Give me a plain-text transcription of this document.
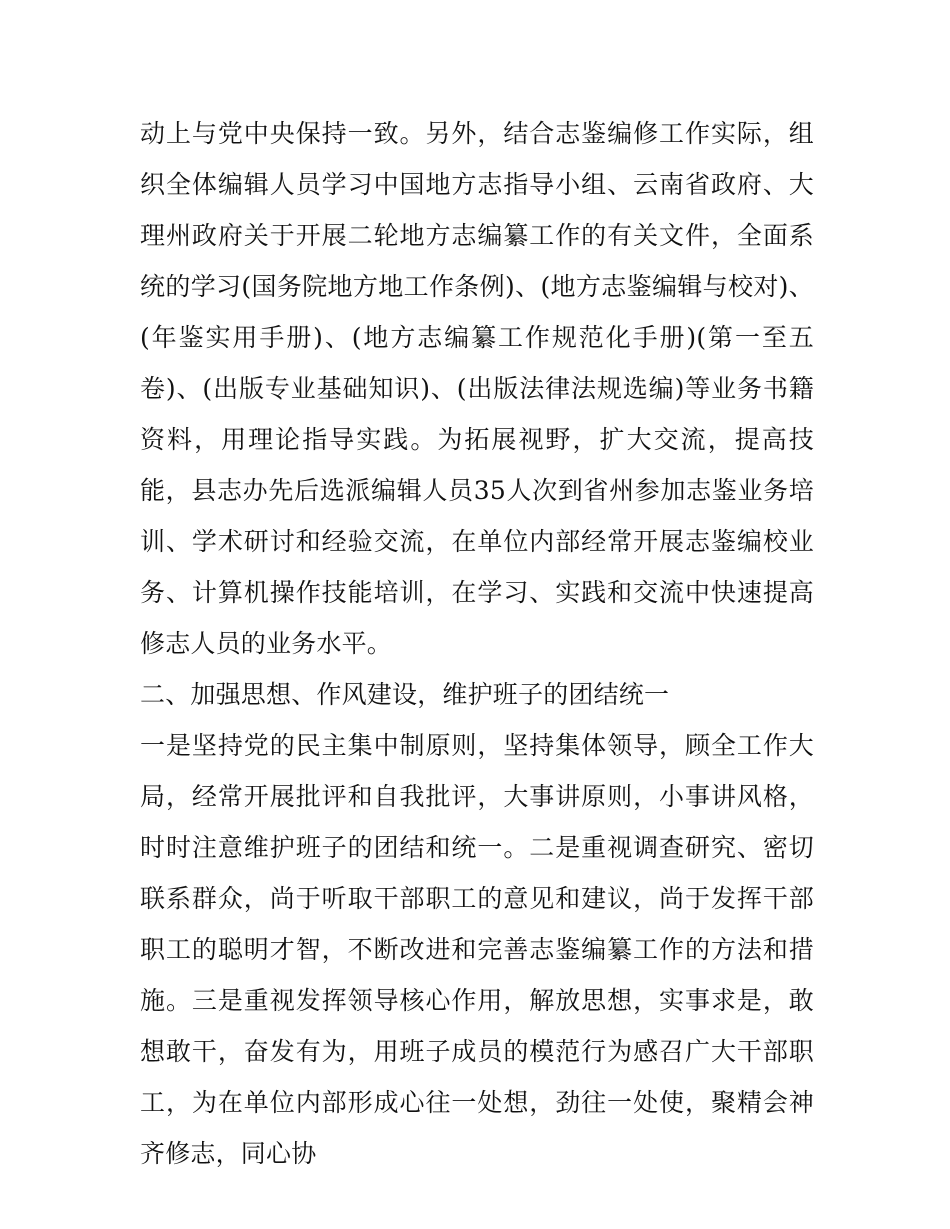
动上与党中央保持一致。另外，结合志鉴编修工作实际，组织全体编辑人员学习中国地方志指导小组、云南省政府、大理州政府关于开展二轮地方志编纂工作的有关文件，全面系统的学习(国务院地方地工作条例)、(地方志鉴编辑与校对)、(年鉴实用手册)、(地方志编纂工作规范化手册)(第一至五卷)、(出版专业基础知识)、(出版法律法规选编)等业务书籍资料，用理论指导实践。为拓展视野，扩大交流，提高技能，县志办先后选派编辑人员35人次到省州参加志鉴业务培训、学术研讨和经验交流，在单位内部经常开展志鉴编校业务、计算机操作技能培训，在学习、实践和交流中快速提高修志人员的业务水平。

二、加强思想、作风建设，维护班子的团结统一

一是坚持党的民主集中制原则，坚持集体领导，顾全工作大局，经常开展批评和自我批评，大事讲原则，小事讲风格，时时注意维护班子的团结和统一。二是重视调查研究、密切联系群众，尚于听取干部职工的意见和建议，尚于发挥干部职工的聪明才智，不断改进和完善志鉴编纂工作的方法和措施。三是重视发挥领导核心作用，解放思想，实事求是，敢想敢干，奋发有为，用班子成员的模范行为感召广大干部职工，为在单位内部形成心往一处想，劲往一处使，聚精会神齐修志，同心协
